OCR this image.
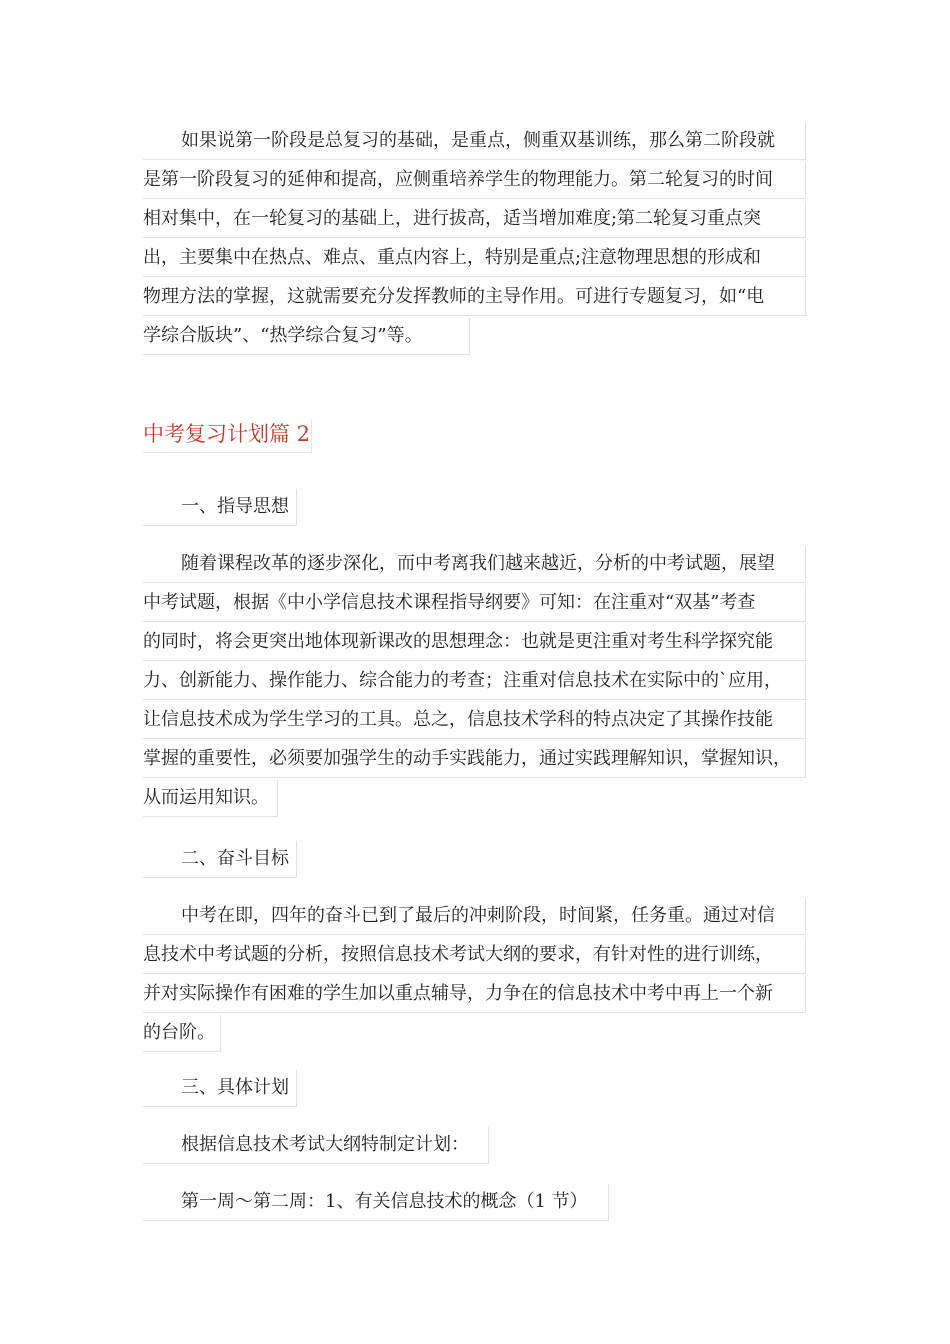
如果说第一阶段是总复习的基础，是重点，侧重双基训练，那么第二阶段就
是第一阶段复习的延伸和提高，应侧重培养学生的物理能力。第二轮复习的时间
相对集中，在一轮复习的基础上，进行拔高，适当增加难度;第二轮复习重点突
出，主要集中在热点、难点、重点内容上，特别是重点;注意物理思想的形成和
物理方法的掌握，这就需要充分发挥教师的主导作用。可进行专题复习，如“电
学综合版块”、“热学综合复习”等。
中考复习计划篇 2
一、指导思想
随着课程改革的逐步深化，而中考离我们越来越近，分析的中考试题，展望
中考试题，根据《中小学信息技术课程指导纲要》可知：在注重对“双基”考查
的同时，将会更突出地体现新课改的思想理念：也就是更注重对考生科学探究能
力、创新能力、操作能力、综合能力的考查；注重对信息技术在实际中的`应用，
让信息技术成为学生学习的工具。总之，信息技术学科的特点决定了其操作技能
掌握的重要性，必须要加强学生的动手实践能力，通过实践理解知识，掌握知识，
从而运用知识。
二、奋斗目标
中考在即，四年的奋斗已到了最后的冲刺阶段，时间紧，任务重。通过对信
息技术中考试题的分析，按照信息技术考试大纲的要求，有针对性的进行训练，
并对实际操作有困难的学生加以重点辅导，力争在的信息技术中考中再上一个新
的台阶。
三、具体计划
根据信息技术考试大纲特制定计划：
第一周～第二周：1、有关信息技术的概念（1 节）
